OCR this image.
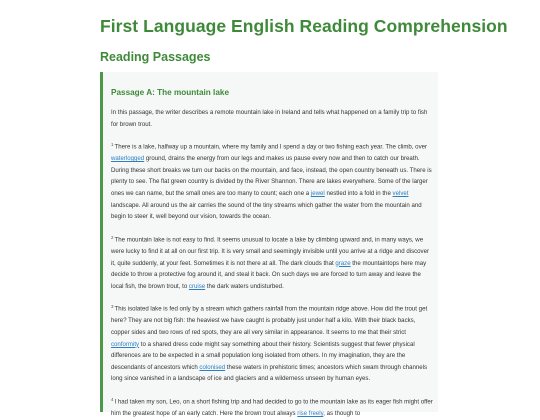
First Language English Reading Comprehension
Reading Passages
Passage A: The mountain lake

In this passage, the writer describes a remote mountain lake in Ireland and tells what happened on a family trip to fish for brown trout.

$^1$There is a lake, halfway up a mountain, where my family and I spend a day or two fishing each year. The climb, over waterlogged ground, drains the energy from our legs and makes us pause every now and then to catch our breath. During these short breaks we turn our backs on the mountain, and face, instead, the open country beneath us. There is plenty to see. The flat green country is divided by the River Shannon. There are lakes everywhere. Some of the larger ones we can name, but the small ones are too many to count; each one a jewel nestled into a fold in the velvet landscape. All around us the air carries the sound of the tiny streams which gather the water from the mountain and begin to steer it, well beyond our vision, towards the ocean.

$^2$The mountain lake is not easy to find. It seems unusual to locate a lake by climbing upward and, in many ways, we were lucky to find it at all on our first trip. It is very small and seemingly invisible until you arrive at a ridge and discover it, quite suddenly, at your feet. Sometimes it is not there at all. The dark clouds that graze the mountaintops here may decide to throw a protective fog around it, and steal it back. On such days we are forced to turn away and leave the local fish, the brown trout, to cruise the dark waters undisturbed.

$^3$This isolated lake is fed only by a stream which gathers rainfall from the mountain ridge above. How did the trout get here? They are not big fish: the heaviest we have caught is probably just under half a kilo. With their black backs, copper sides and two rows of red spots, they are all very similar in appearance. It seems to me that their strict conformity to a shared dress code might say something about their history. Scientists suggest that fewer physical differences are to be expected in a small population long isolated from others. In my imagination, they are the descendants of ancestors which colonised these waters in prehistoric times; ancestors which swam through channels long since vanished in a landscape of ice and glaciers and a wilderness unseen by human eyes.

$^4$I had taken my son, Leo, on a short fishing trip and had decided to go to the mountain lake as its eager fish might offer him the greatest hope of an early catch. Here the brown trout always rise freely, as though to
